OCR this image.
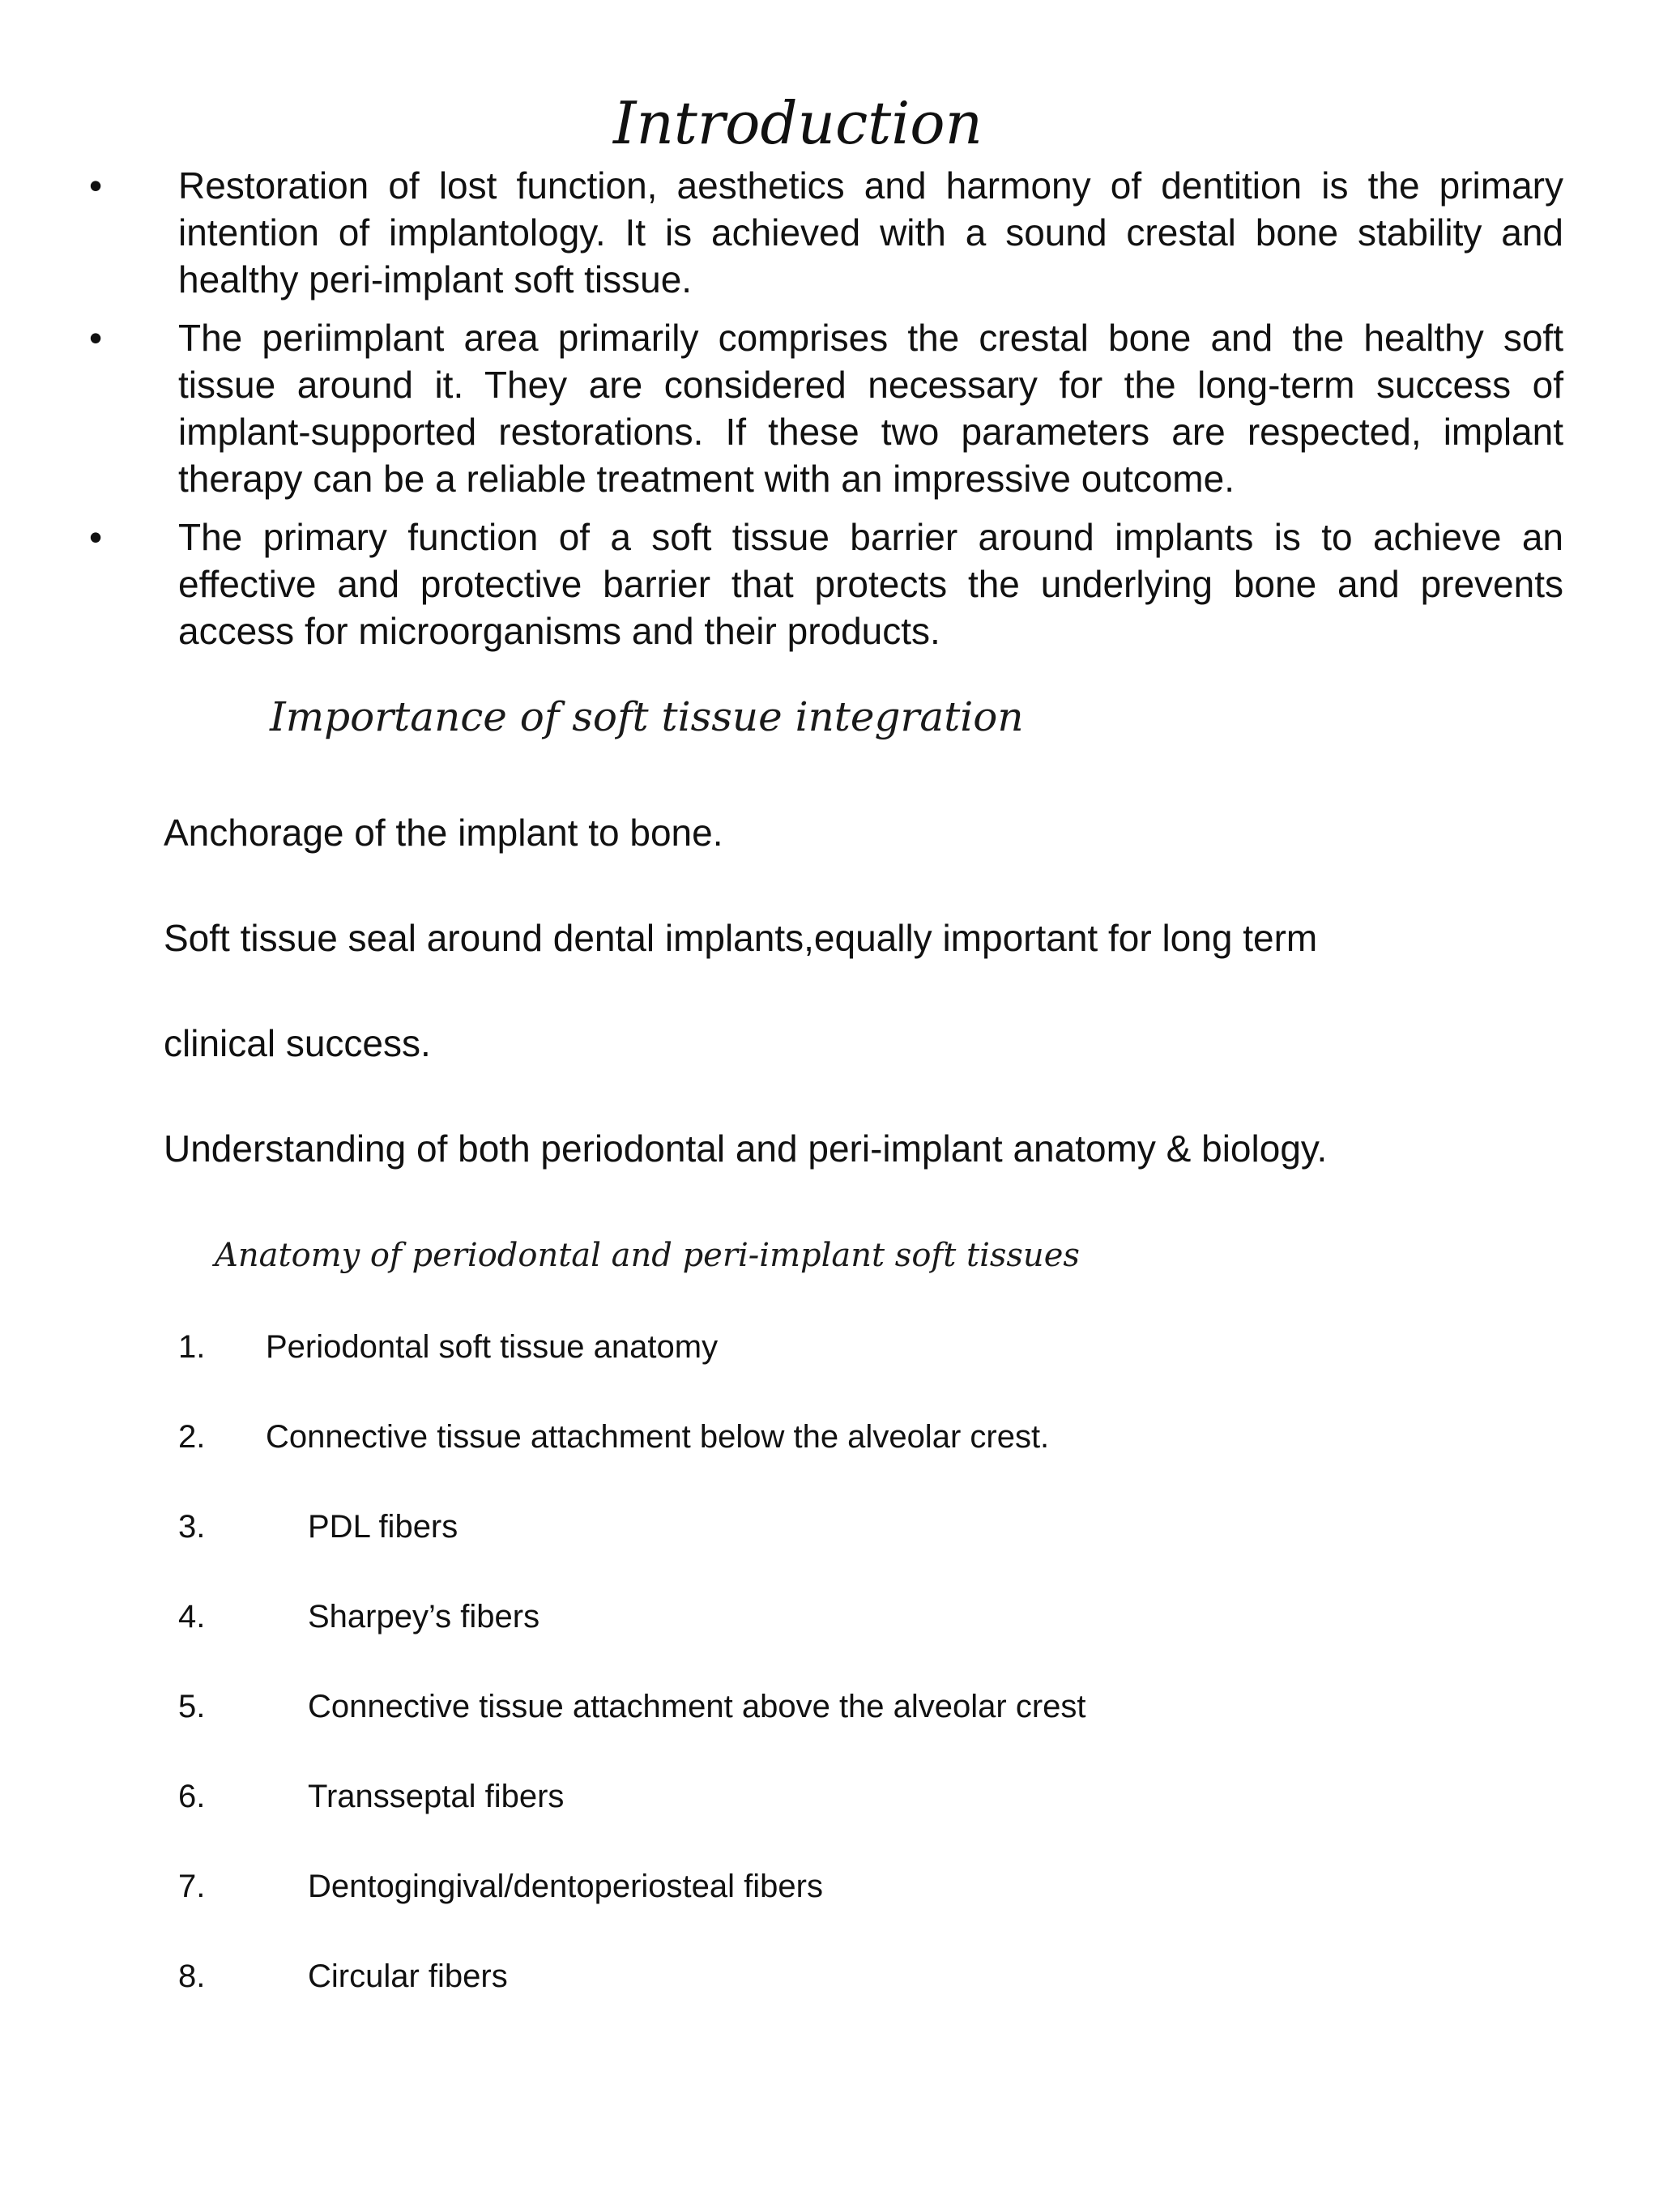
Introduction
• Restoration of lost function, aesthetics and harmony of dentition is the primary intention of implantology. It is achieved with a sound crestal bone stability and healthy peri-implant soft tissue.
• The periimplant area primarily comprises the crestal bone and the healthy soft tissue around it. They are considered necessary for the long-term success of implant-supported restorations. If these two parameters are respected, implant therapy can be a reliable treatment with an impressive outcome.
• The primary function of a soft tissue barrier around implants is to achieve an effective and protective barrier that protects the underlying bone and prevents access for microorganisms and their products.
Importance of soft tissue integration

Anchorage of the implant to bone.

Soft tissue seal around dental implants,equally important for long term

clinical success.

Understanding of both periodontal and peri-implant anatomy & biology.

Anatomy of periodontal and peri-implant soft tissues
1. Periodontal soft tissue anatomy
2. Connective tissue attachment below the alveolar crest.
3.	PDL fibers
4.	Sharpey’s fibers
5.	Connective tissue attachment above the alveolar crest
6.	Transseptal fibers
7.	Dentogingival/dentoperiosteal fibers
8.	Circular fibers
